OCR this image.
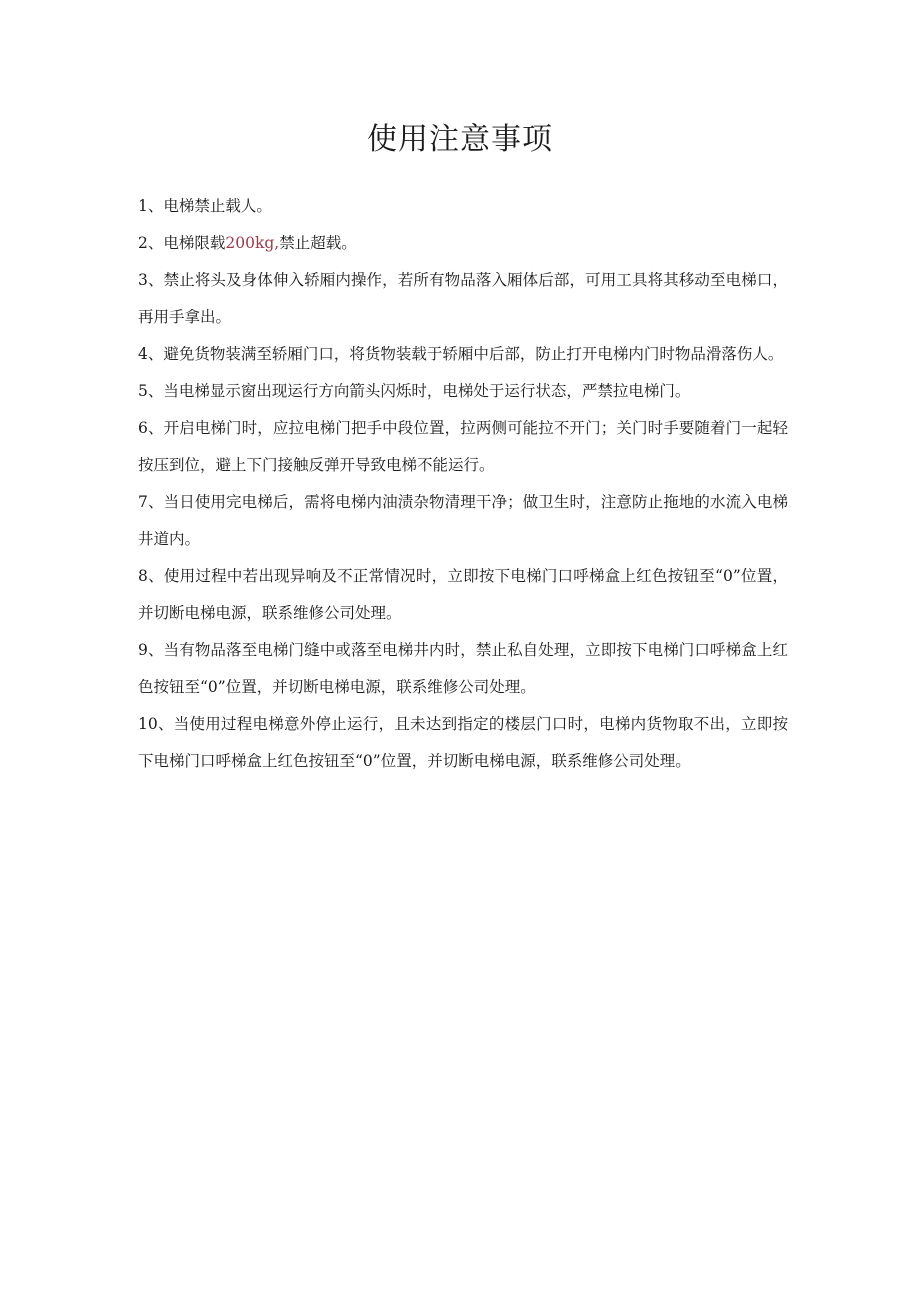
使用注意事项
1、电梯禁止载人。
2、电梯限载200kg,禁止超载。
3、禁止将头及身体伸入轿厢内操作，若所有物品落入厢体后部，可用工具将其移动至电梯口，再用手拿出。
4、避免货物装满至轿厢门口，将货物装载于轿厢中后部，防止打开电梯内门时物品滑落伤人。
5、当电梯显示窗出现运行方向箭头闪烁时，电梯处于运行状态，严禁拉电梯门。
6、开启电梯门时，应拉电梯门把手中段位置，拉两侧可能拉不开门；关门时手要随着门一起轻按压到位，避上下门接触反弹开导致电梯不能运行。
7、当日使用完电梯后，需将电梯内油渍杂物清理干净；做卫生时，注意防止拖地的水流入电梯井道内。
8、使用过程中若出现异响及不正常情况时，立即按下电梯门口呼梯盒上红色按钮至“0”位置，并切断电梯电源，联系维修公司处理。
9、当有物品落至电梯门缝中或落至电梯井内时，禁止私自处理，立即按下电梯门口呼梯盒上红色按钮至“0”位置，并切断电梯电源，联系维修公司处理。
10、当使用过程电梯意外停止运行，且未达到指定的楼层门口时，电梯内货物取不出，立即按下电梯门口呼梯盒上红色按钮至“0”位置，并切断电梯电源，联系维修公司处理。
